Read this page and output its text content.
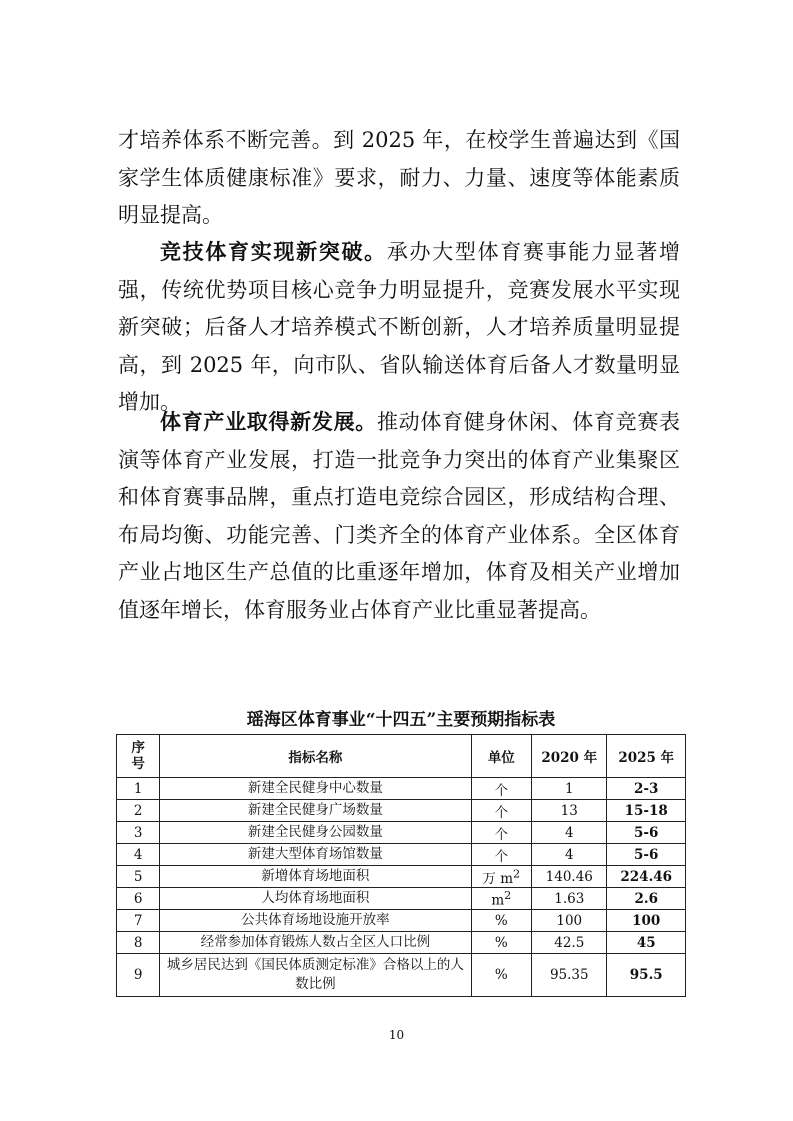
才培养体系不断完善。到 2025 年，在校学生普遍达到《国家学生体质健康标准》要求，耐力、力量、速度等体能素质明显提高。

竞技体育实现新突破。承办大型体育赛事能力显著增强，传统优势项目核心竞争力明显提升，竞赛发展水平实现新突破；后备人才培养模式不断创新，人才培养质量明显提高，到 2025 年，向市队、省队输送体育后备人才数量明显增加。

体育产业取得新发展。推动体育健身休闲、体育竞赛表演等体育产业发展，打造一批竞争力突出的体育产业集聚区和体育赛事品牌，重点打造电竞综合园区，形成结构合理、布局均衡、功能完善、门类齐全的体育产业体系。全区体育产业占地区生产总值的比重逐年增加，体育及相关产业增加值逐年增长，体育服务业占体育产业比重显著提高。

瑶海区体育事业“十四五”主要预期指标表

序
号	指标名称	单位	2020 年	2025 年
1	新建全民健身中心数量	个	1	2-3
2	新建全民健身广场数量	个	13	15-18
3	新建全民健身公园数量	个	4	5-6
4	新建大型体育场馆数量	个	4	5-6
5	新增体育场地面积	万 $m^2$	140.46	224.46
6	人均体育场地面积	$m^2$	1.63	2.6
7	公共体育场地设施开放率	%	100	100
8	经常参加体育锻炼人数占全区人口比例	%	42.5	45
9	城乡居民达到《国民体质测定标准》合格以上的人数比例	%	95.35	95.5

10
